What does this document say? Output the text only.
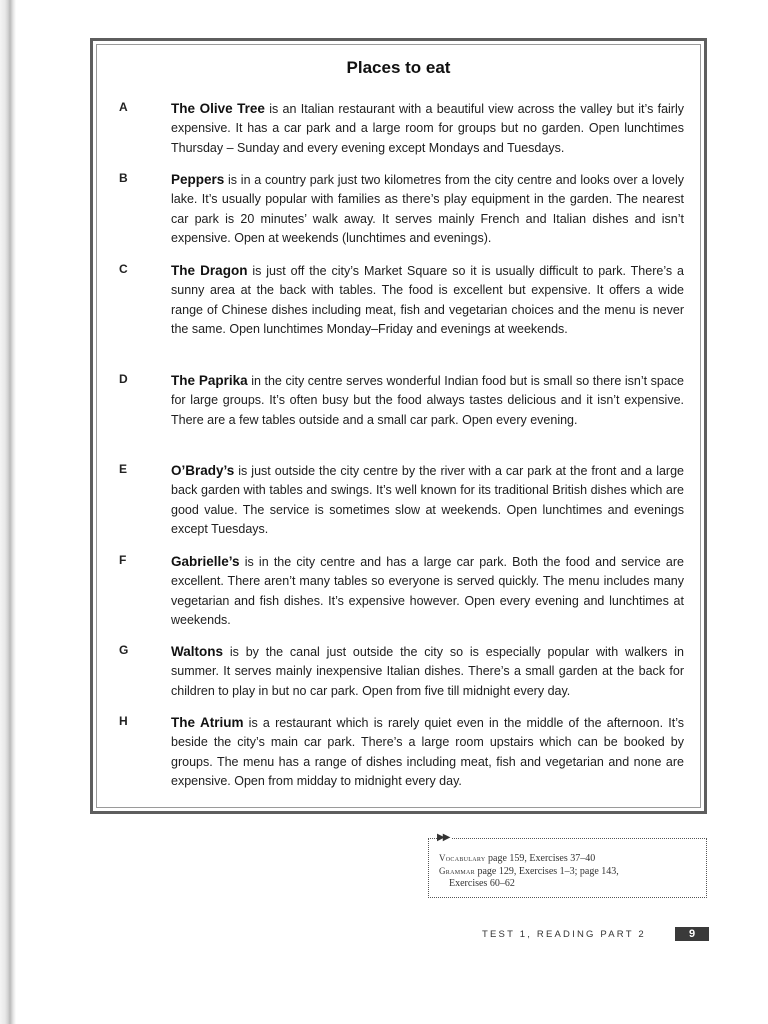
Places to eat
A	The Olive Tree is an Italian restaurant with a beautiful view across the valley but it’s fairly expensive. It has a car park and a large room for groups but no garden. Open lunchtimes Thursday – Sunday and every evening except Mondays and Tuesdays.

B	Peppers is in a country park just two kilometres from the city centre and looks over a lovely lake. It’s usually popular with families as there’s play equipment in the garden. The nearest car park is 20 minutes’ walk away. It serves mainly French and Italian dishes and isn’t expensive. Open at weekends (lunchtimes and evenings).

C	The Dragon is just off the city’s Market Square so it is usually difficult to park. There’s a sunny area at the back with tables. The food is excellent but expensive. It offers a wide range of Chinese dishes including meat, fish and vegetarian choices and the menu is never the same. Open lunchtimes Monday–Friday and evenings at weekends.

D	The Paprika in the city centre serves wonderful Indian food but is small so there isn’t space for large groups. It’s often busy but the food always tastes delicious and it isn’t expensive. There are a few tables outside and a small car park. Open every evening.

E	O’Brady’s is just outside the city centre by the river with a car park at the front and a large back garden with tables and swings. It’s well known for its traditional British dishes which are good value. The service is sometimes slow at weekends. Open lunchtimes and evenings except Tuesdays.

F	Gabrielle’s is in the city centre and has a large car park. Both the food and service are excellent. There aren’t many tables so everyone is served quickly. The menu includes many vegetarian and fish dishes. It’s expensive however. Open every evening and lunchtimes at weekends.

G	Waltons is by the canal just outside the city so is especially popular with walkers in summer. It serves mainly inexpensive Italian dishes. There’s a small garden at the back for children to play in but no car park. Open from five till midnight every day.

H	The Atrium is a restaurant which is rarely quiet even in the middle of the afternoon. It’s beside the city’s main car park. There’s a large room upstairs which can be booked by groups. The menu has a range of dishes including meat, fish and vegetarian and none are expensive. Open from midday to midnight every day.

▶▶
Vocabulary page 159, Exercises 37–40
Grammar page 129, Exercises 1–3; page 143,
Exercises 60–62
TEST 1, READING PART 2	9
